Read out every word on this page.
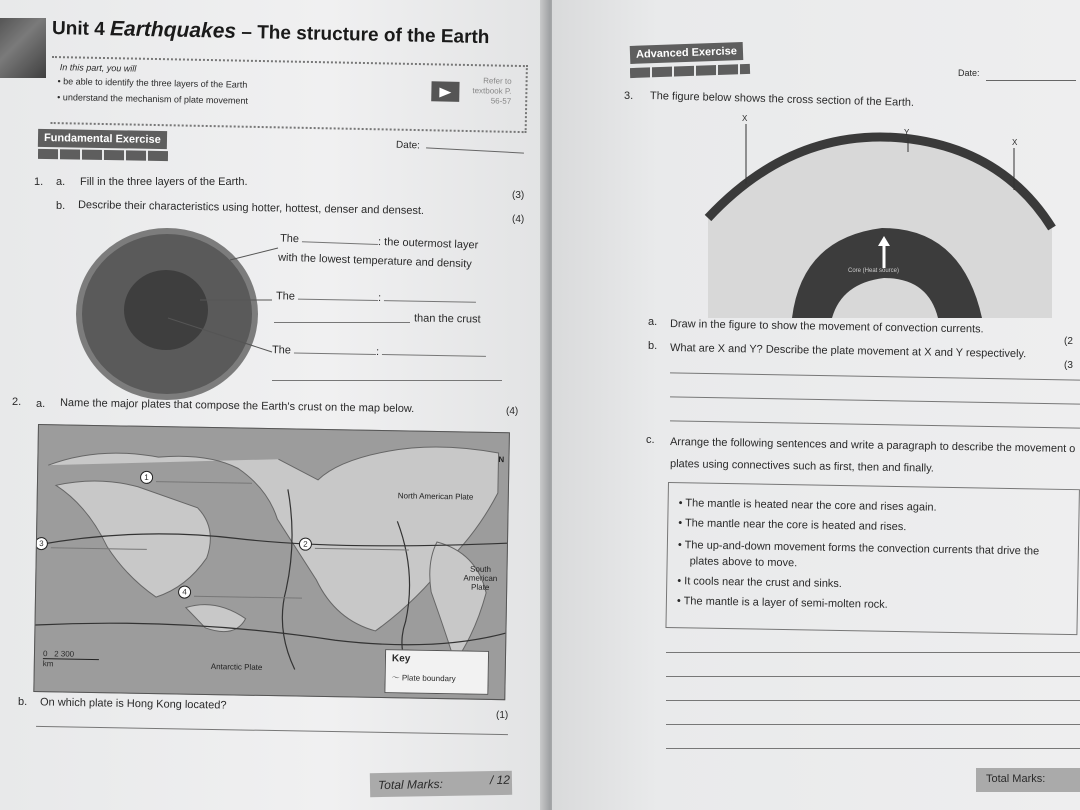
Unit 4 Earthquakes – The structure of the Earth
In this part, you will
• be able to identify the three layers of the Earth
• understand the mechanism of plate movement
Refer to textbook P. 56-57
Fundamental Exercise	Date:
1. a. Fill in the three layers of the Earth.
(3)
b. Describe their characteristics using hotter, hottest, denser and densest.
(4)
The	: the outermost layer
with the lowest temperature and density
The	:
than the crust
The	:
2. a. Name the major plates that compose the Earth's crust on the map below.	(4)
North American Plate
South American Plate
Antarctic Plate
N
1
2
3
4
0 2 300
km	Key
〜 Plate boundary
b. On which plate is Hong Kong located?
(1)
Total Marks:	/ 12
Advanced Exercise
Date:
3. The figure below shows the cross section of the Earth.
X
Y
X
Core (Heat source)
a. Draw in the figure to show the movement of convection currents.
(2
b. What are X and Y? Describe the plate movement at X and Y respectively.
(3
c. Arrange the following sentences and write a paragraph to describe the movement o
plates using connectives such as first, then and finally.
• The mantle is heated near the core and rises again.
• The mantle near the core is heated and rises.
• The up-and-down movement forms the convection currents that drive the
plates above to move.
• It cools near the crust and sinks.
• The mantle is a layer of semi-molten rock.
Total Marks:
